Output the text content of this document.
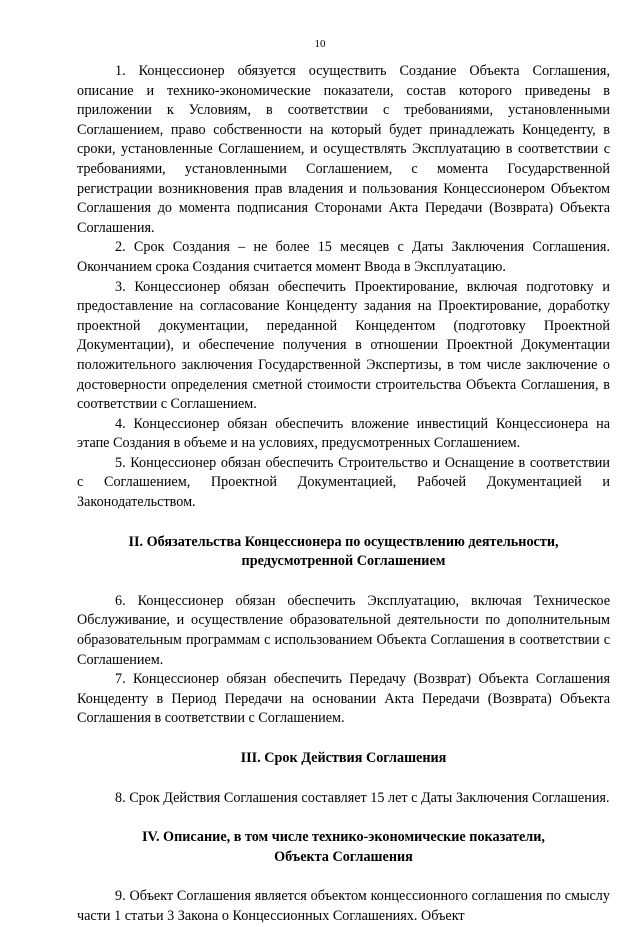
10

1. Концессионер обязуется осуществить Создание Объекта Соглашения, описание и технико-экономические показатели, состав которого приведены в приложении к Условиям, в соответствии с требованиями, установленными Соглашением, право собственности на который будет принадлежать Концеденту, в сроки, установленные Соглашением, и осуществлять Эксплуатацию в соответствии с требованиями, установленными Соглашением, с момента Государственной регистрации возникновения прав владения и пользования Концессионером Объектом Соглашения до момента подписания Сторонами Акта Передачи (Возврата) Объекта Соглашения.

2. Срок Создания – не более 15 месяцев с Даты Заключения Соглашения. Окончанием срока Создания считается момент Ввода в Эксплуатацию.

3. Концессионер обязан обеспечить Проектирование, включая подготовку и предоставление на согласование Концеденту задания на Проектирование, доработку проектной документации, переданной Концедентом (подготовку Проектной Документации), и обеспечение получения в отношении Проектной Документации положительного заключения Государственной Экспертизы, в том числе заключение о достоверности определения сметной стоимости строительства Объекта Соглашения, в соответствии с Соглашением.

4. Концессионер обязан обеспечить вложение инвестиций Концессионера на этапе Создания в объеме и на условиях, предусмотренных Соглашением.

5. Концессионер обязан обеспечить Строительство и Оснащение в соответствии с Соглашением, Проектной Документацией, Рабочей Документацией и Законодательством.

II. Обязательства Концессионера по осуществлению деятельности,
предусмотренной Соглашением

6. Концессионер обязан обеспечить Эксплуатацию, включая Техническое Обслуживание, и осуществление образовательной деятельности по дополнительным образовательным программам с использованием Объекта Соглашения в соответствии с Соглашением.

7. Концессионер обязан обеспечить Передачу (Возврат) Объекта Соглашения Концеденту в Период Передачи на основании Акта Передачи (Возврата) Объекта Соглашения в соответствии с Соглашением.

III. Срок Действия Соглашения

8. Срок Действия Соглашения составляет 15 лет с Даты Заключения Соглашения.

IV. Описание, в том числе технико-экономические показатели,
Объекта Соглашения

9. Объект Соглашения является объектом концессионного соглашения по смыслу части 1 статьи 3 Закона о Концессионных Соглашениях. Объект
